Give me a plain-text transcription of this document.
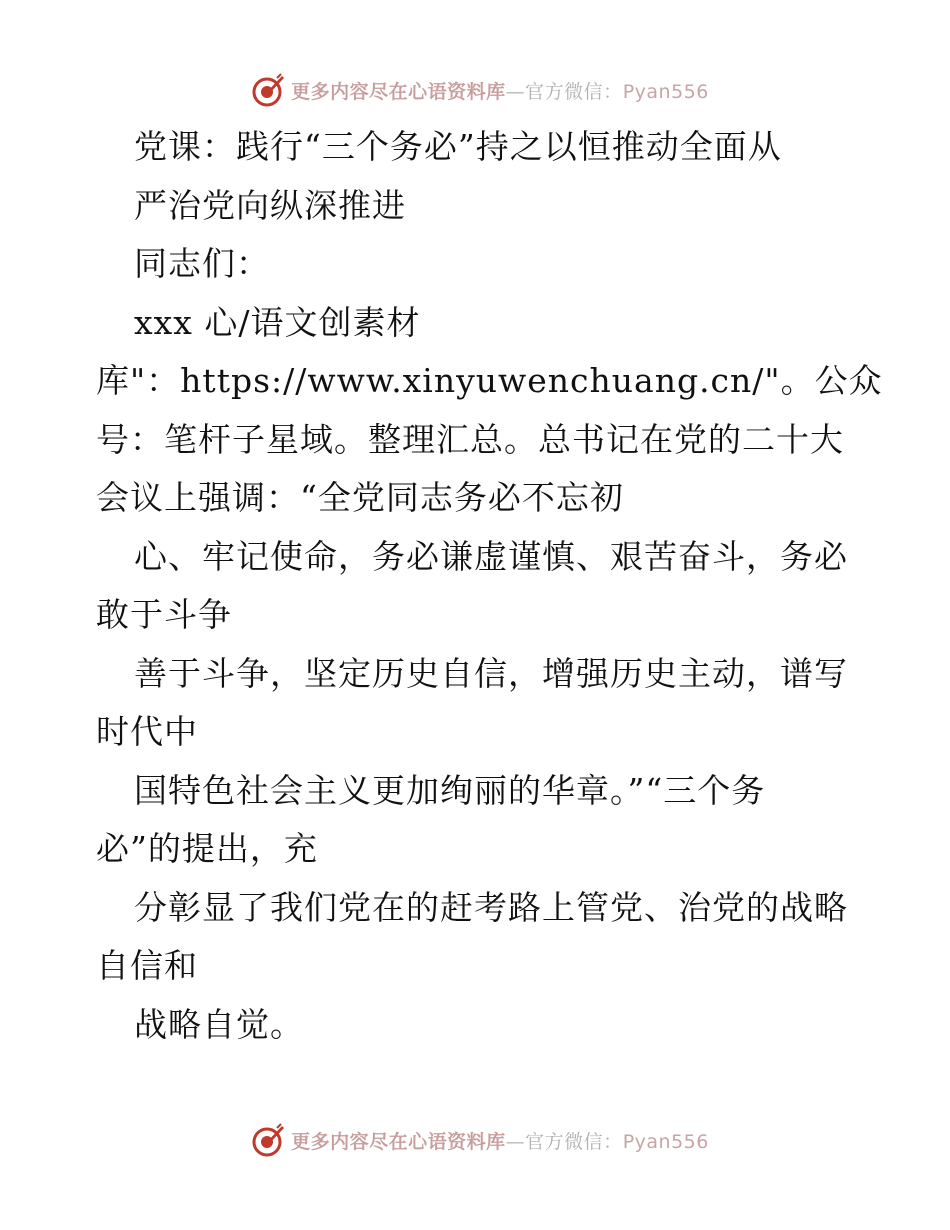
更多内容尽在心语资料库—官方微信：Pyan556
党课：践行“三个务必”持之以恒推动全面从
严治党向纵深推进
同志们：
xxx 心/语文创素材
库"：https://www.xinyuwenchuang.cn/"。公众
号：笔杆子星域。整理汇总。总书记在党的二十大
会议上强调：“全党同志务必不忘初
心、牢记使命，务必谦虚谨慎、艰苦奋斗，务必
敢于斗争
善于斗争，坚定历史自信，增强历史主动，谱写
时代中
国特色社会主义更加绚丽的华章。”“三个务
必”的提出，充
分彰显了我们党在的赶考路上管党、治党的战略
自信和
战略自觉。
更多内容尽在心语资料库—官方微信：Pyan556
